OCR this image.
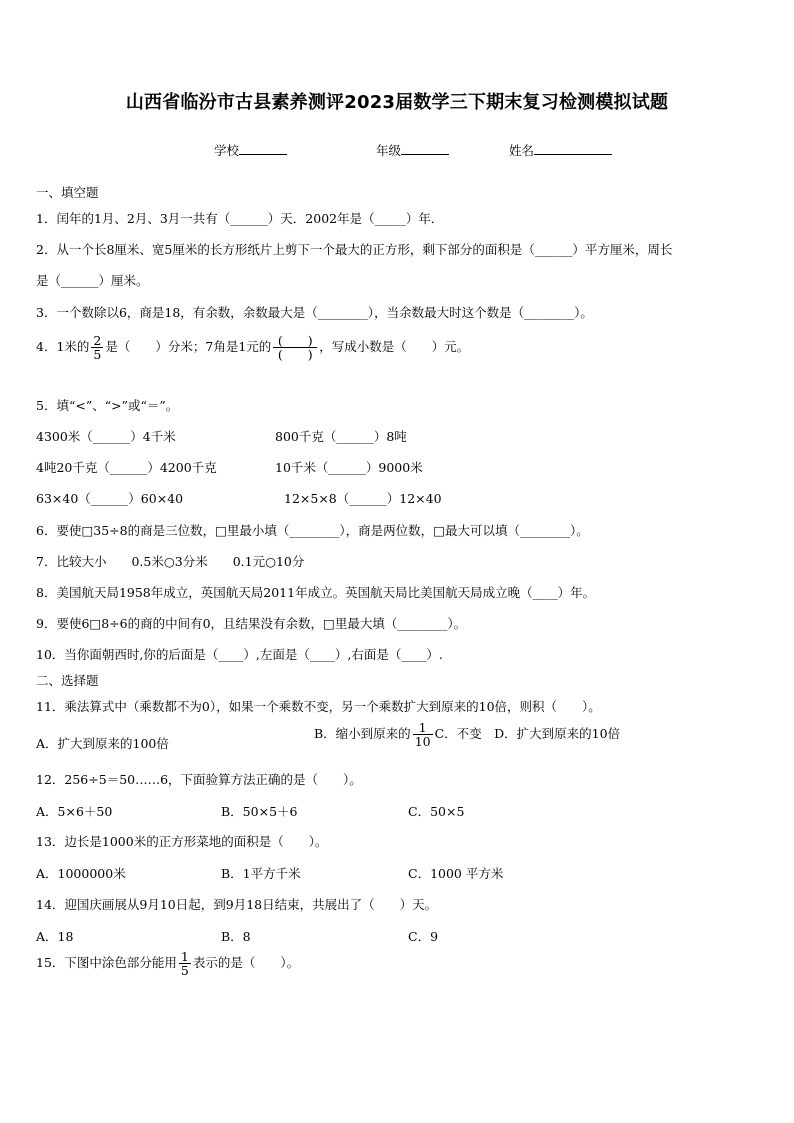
山西省临汾市古县素养测评2023届数学三下期末复习检测模拟试题
学校	年级	姓名
一、填空题
1．闰年的1月、2月、3月一共有（______）天．2002年是（_____）年．
2．从一个长8厘米、宽5厘米的长方形纸片上剪下一个最大的正方形，剩下部分的面积是（______）平方厘米，周长
是（______）厘米。
3．一个数除以6，商是18，有余数，余数最大是（________），当余数最大时这个数是（________）。
4．1米的 $\frac{2}{5}$ 是（　　）分米；7角是1元的 $\frac{( )}{( )}$ ，写成小数是（　　）元。
5．填“<”、“>”或“＝”。
4300米（______）4千米	800千克（______）8吨
4吨20千克（______）4200千克	10千米（______）9000米
63×40（______）60×40	12×5×8（______）12×40
6．要使□35÷8的商是三位数，□里最小填（________），商是两位数，□最大可以填（________）。
7．比较大小　　0.5米○3分米　　0.1元○10分
8．美国航天局1958年成立，英国航天局2011年成立。英国航天局比美国航天局成立晚（____）年。
9．要使6□8÷6的商的中间有0，且结果没有余数，□里最大填（________）。
10．当你面朝西时,你的后面是（____）,左面是（____）,右面是（____）.
二、选择题
11．乘法算式中（乘数都不为0），如果一个乘数不变，另一个乘数扩大到原来的10倍，则积（　　）。
A．扩大到原来的100倍
B．缩小到原来的 $\frac{1}{10}$ C．不变　D．扩大到原来的10倍
12．256÷5＝50……6，下面验算方法正确的是（　　）。
A．5×6＋50	B．50×5＋6	C．50×5
13．边长是1000米的正方形菜地的面积是（　　）。
A．1000000米	B．1平方千米	C．1000 平方米
14．迎国庆画展从9月10日起，到9月18日结束，共展出了（　　）天。
A．18	B．8	C．9
15．下图中涂色部分能用 $\frac{1}{5}$ 表示的是（　　）。
